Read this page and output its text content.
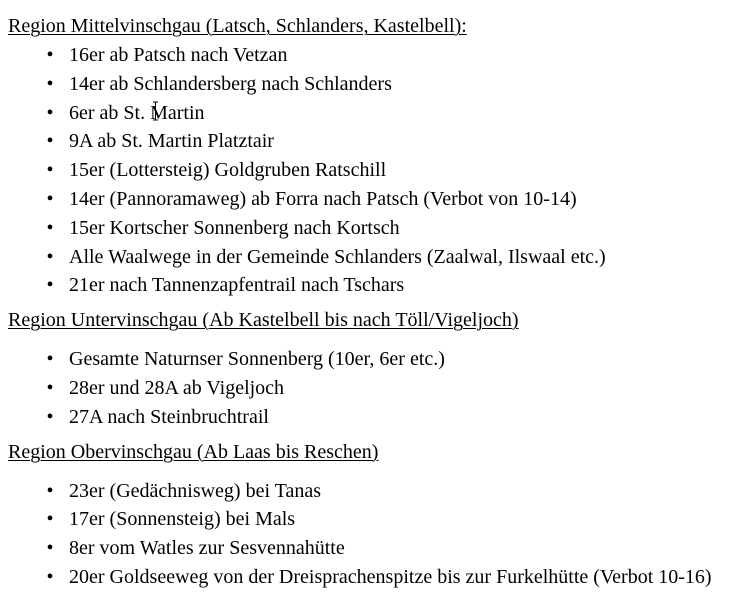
Region Mittelvinschgau (Latsch, Schlanders, Kastelbell):
• 16er ab Patsch nach Vetzan
• 14er ab Schlandersberg nach Schlanders
• 6er ab St. Martin
• 9A ab St. Martin Platztair
• 15er (Lottersteig) Goldgruben Ratschill
• 14er (Pannoramaweg) ab Forra nach Patsch (Verbot von 10-14)
• 15er Kortscher Sonnenberg nach Kortsch
• Alle Waalwege in der Gemeinde Schlanders (Zaalwal, Ilswaal etc.)
• 21er nach Tannenzapfentrail nach Tschars
Region Untervinschgau (Ab Kastelbell bis nach Töll/Vigeljoch)
• Gesamte Naturnser Sonnenberg (10er, 6er etc.)
• 28er und 28A ab Vigeljoch
• 27A nach Steinbruchtrail
Region Obervinschgau (Ab Laas bis Reschen)
• 23er (Gedächnisweg) bei Tanas
• 17er (Sonnensteig) bei Mals
• 8er vom Watles zur Sesvennahütte
• 20er Goldseeweg von der Dreisprachenspitze bis zur Furkelhütte (Verbot 10-16)
